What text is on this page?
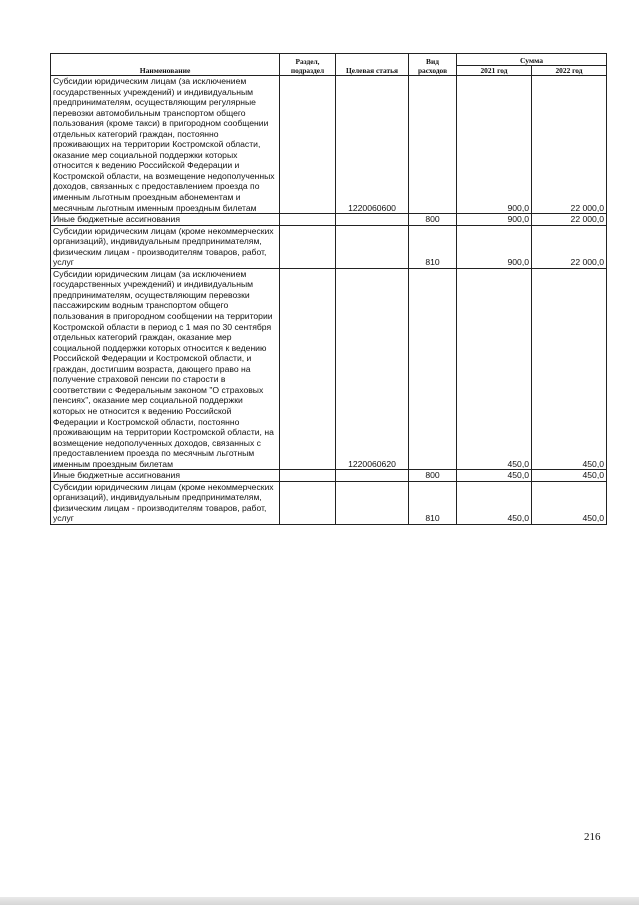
Наименование	Раздел, подраздел	Целевая статья	Вид расходов	Сумма	
				2021 год	2022 год
Субсидии юридическим лицам (за исключением государственных учреждений) и индивидуальным предпринимателям, осуществляющим регулярные перевозки автомобильным транспортом общего пользования (кроме такси) в пригородном сообщении отдельных категорий граждан, постоянно проживающих на территории Костромской области, оказание мер социальной поддержки которых относится к ведению Российской Федерации и Костромской области, на возмещение недополученных доходов, связанных с предоставлением проезда по именным льготным проездным абонементам и месячным льготным именным проездным билетам		1220060600		900,0	22 000,0
Иные бюджетные ассигнования			800	900,0	22 000,0
Субсидии юридическим лицам (кроме некоммерческих организаций), индивидуальным предпринимателям, физическим лицам - производителям товаров, работ, услуг			810	900,0	22 000,0
Субсидии юридическим лицам (за исключением государственных учреждений) и индивидуальным предпринимателям, осуществляющим перевозки пассажирским водным транспортом общего пользования в пригородном сообщении на территории Костромской области в период с 1 мая по 30 сентября отдельных категорий граждан, оказание мер социальной поддержки которых относится к ведению Российской Федерации и Костромской области, и граждан, достигшим возраста, дающего право на получение страховой пенсии по старости в соответствии с Федеральным законом "О страховых пенсиях", оказание мер социальной поддержки которых не относится к ведению Российской Федерации и Костромской области, постоянно проживающим на территории Костромской области, на возмещение недополученных доходов, связанных с предоставлением проезда по месячным льготным именным проездным билетам		1220060620		450,0	450,0
Иные бюджетные ассигнования			800	450,0	450,0
Субсидии юридическим лицам (кроме некоммерческих организаций), индивидуальным предпринимателям, физическим лицам - производителям товаров, работ, услуг			810	450,0	450,0
216
